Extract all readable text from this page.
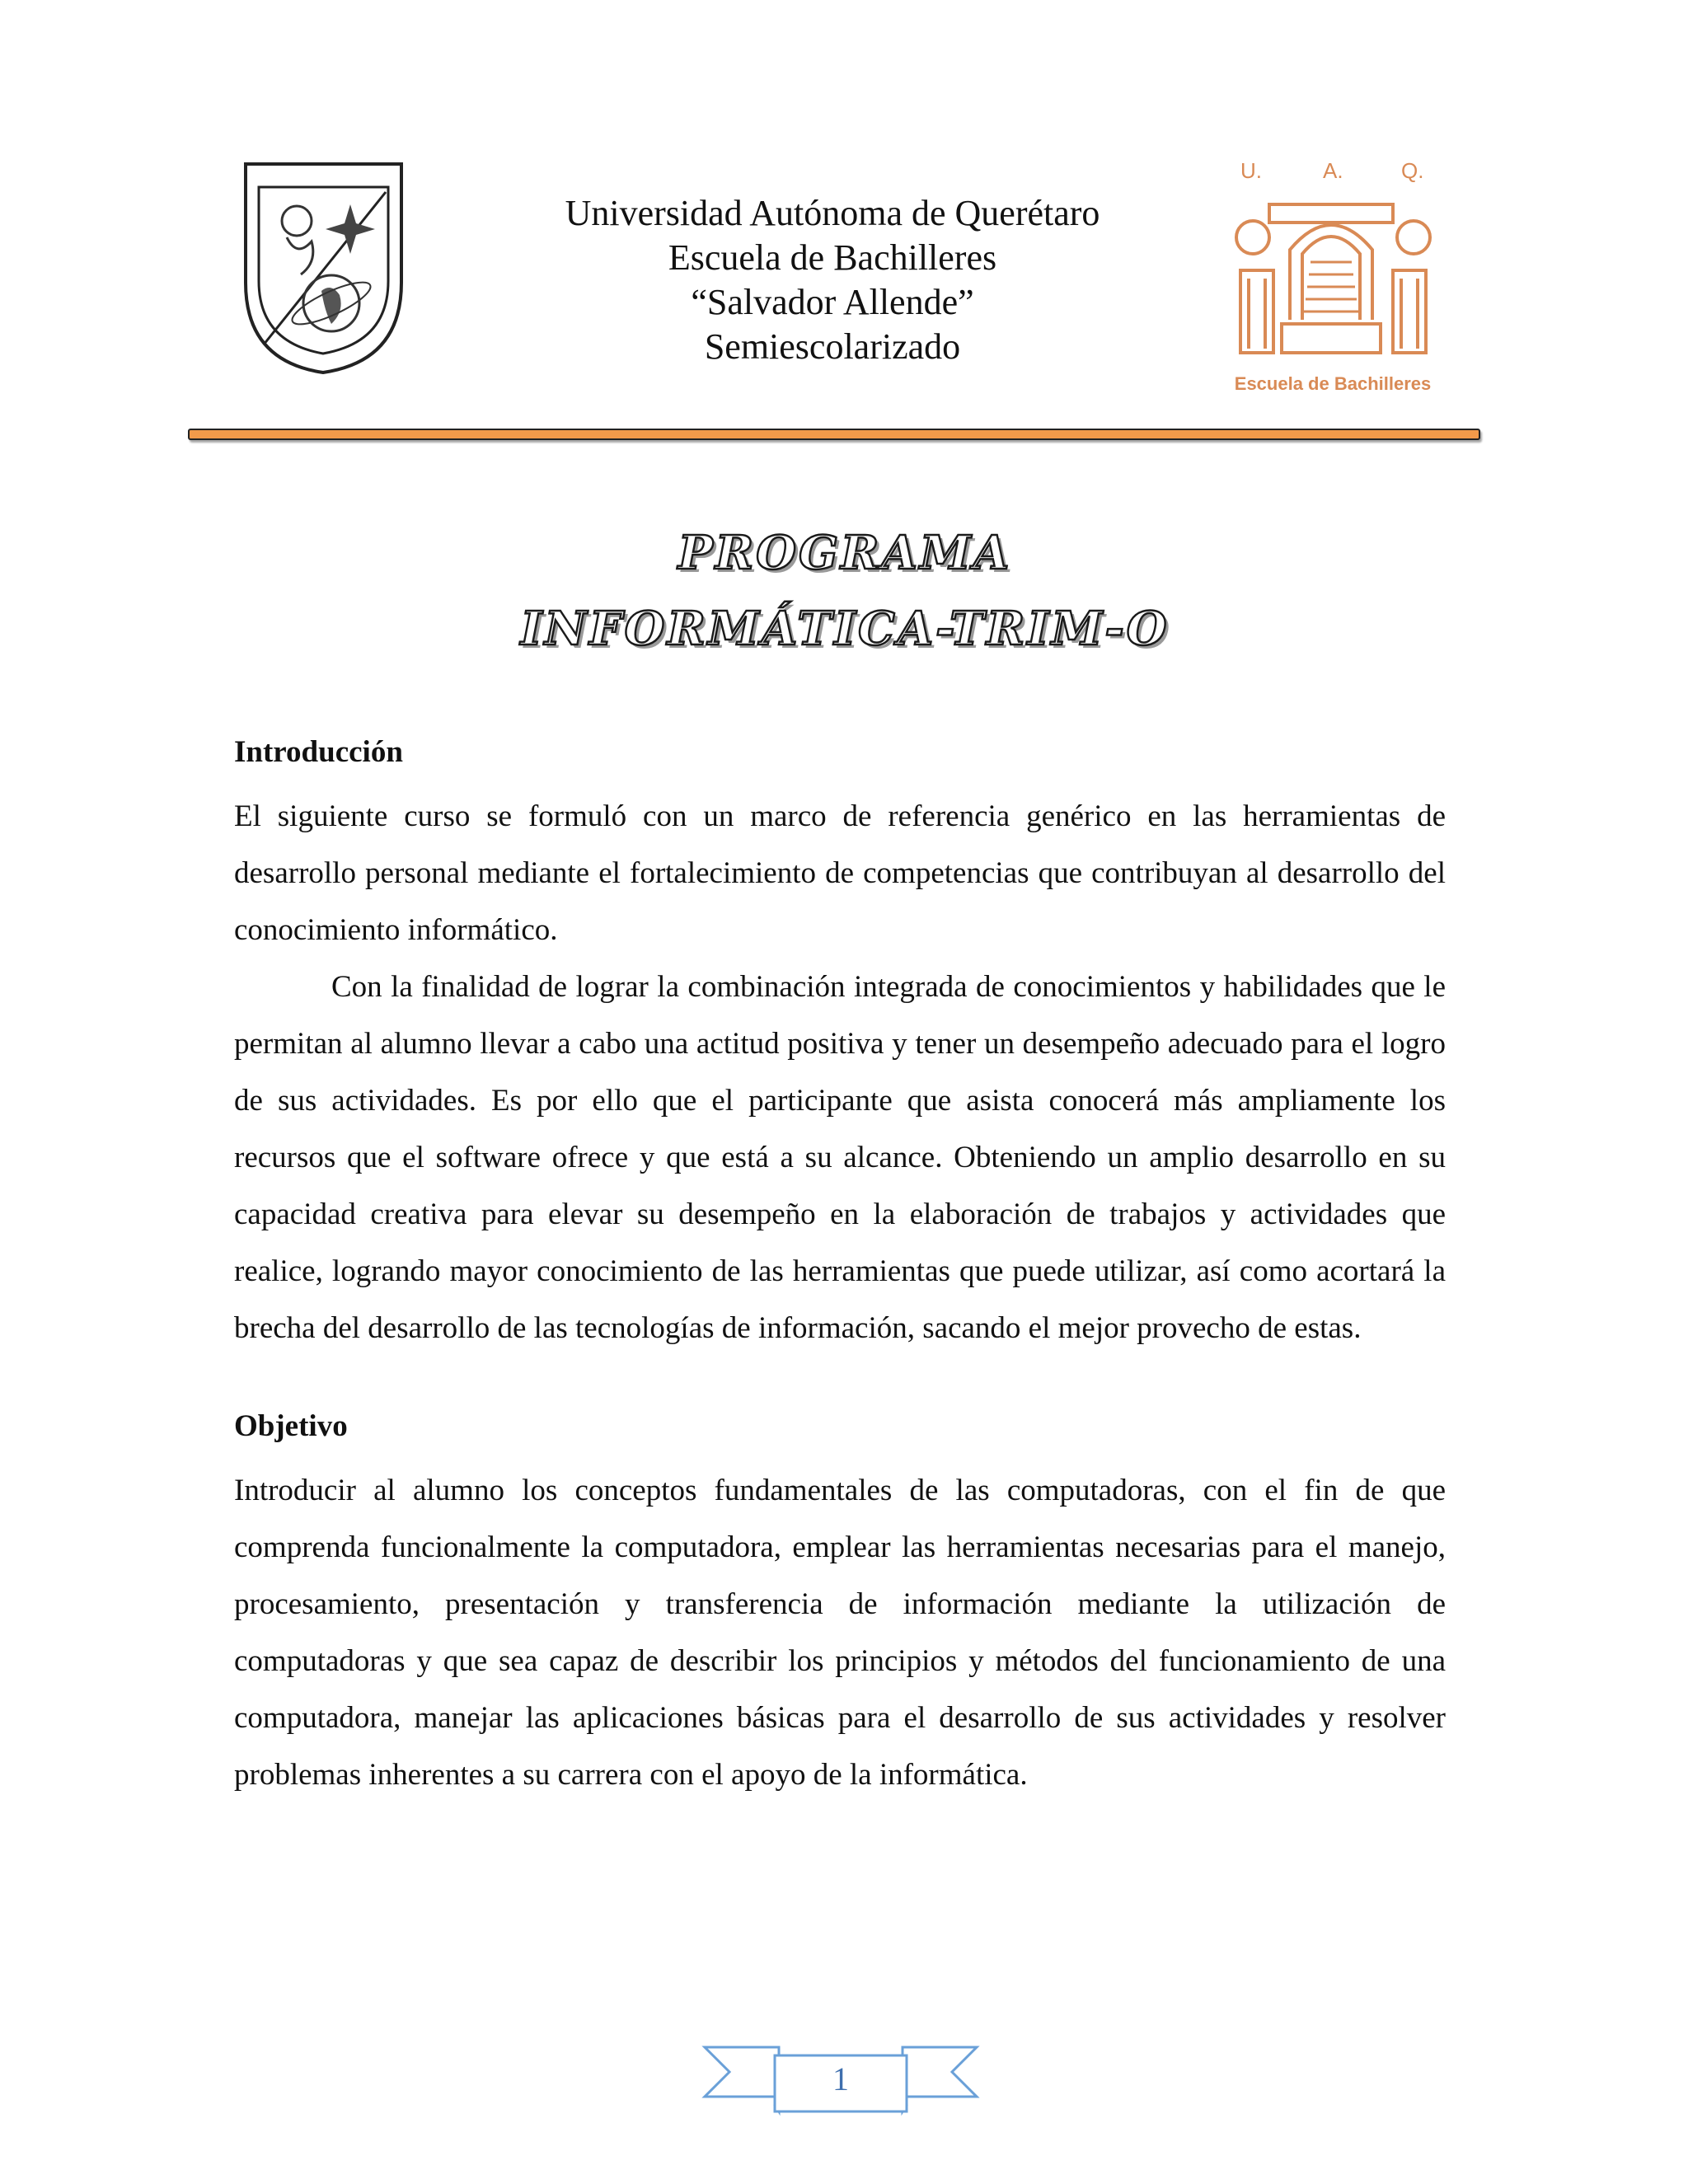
Universidad Autónoma de Querétaro
Escuela de Bachilleres
“Salvador Allende”
Semiescolarizado
U.	A.	Q.
Escuela de Bachilleres
PROGRAMA
INFORMÁTICA-TRIM-O
Introducción

El siguiente curso se formuló con un marco de referencia genérico en las herramientas de desarrollo personal mediante el fortalecimiento de competencias que contribuyan al desarrollo del conocimiento informático.

Con la finalidad de lograr la combinación integrada de conocimientos y habilidades que le permitan al alumno llevar a cabo una actitud positiva y tener un desempeño adecuado para el logro de sus actividades. Es por ello que el participante que asista conocerá más ampliamente los recursos que el software ofrece y que está a su alcance. Obteniendo un amplio desarrollo en su capacidad creativa para elevar su desempeño en la elaboración de trabajos y actividades que realice, logrando mayor conocimiento de las herramientas que puede utilizar, así como acortará la brecha del desarrollo de las tecnologías de información, sacando el mejor provecho de estas.

Objetivo

Introducir al alumno los conceptos fundamentales de las computadoras, con el fin de que comprenda funcionalmente la computadora, emplear las herramientas necesarias para el manejo, procesamiento, presentación y transferencia de información mediante la utilización de computadoras y que sea capaz de describir los principios y métodos del funcionamiento de una computadora, manejar las aplicaciones básicas para el desarrollo de sus actividades y resolver problemas inherentes a su carrera con el apoyo de la informática.

1
